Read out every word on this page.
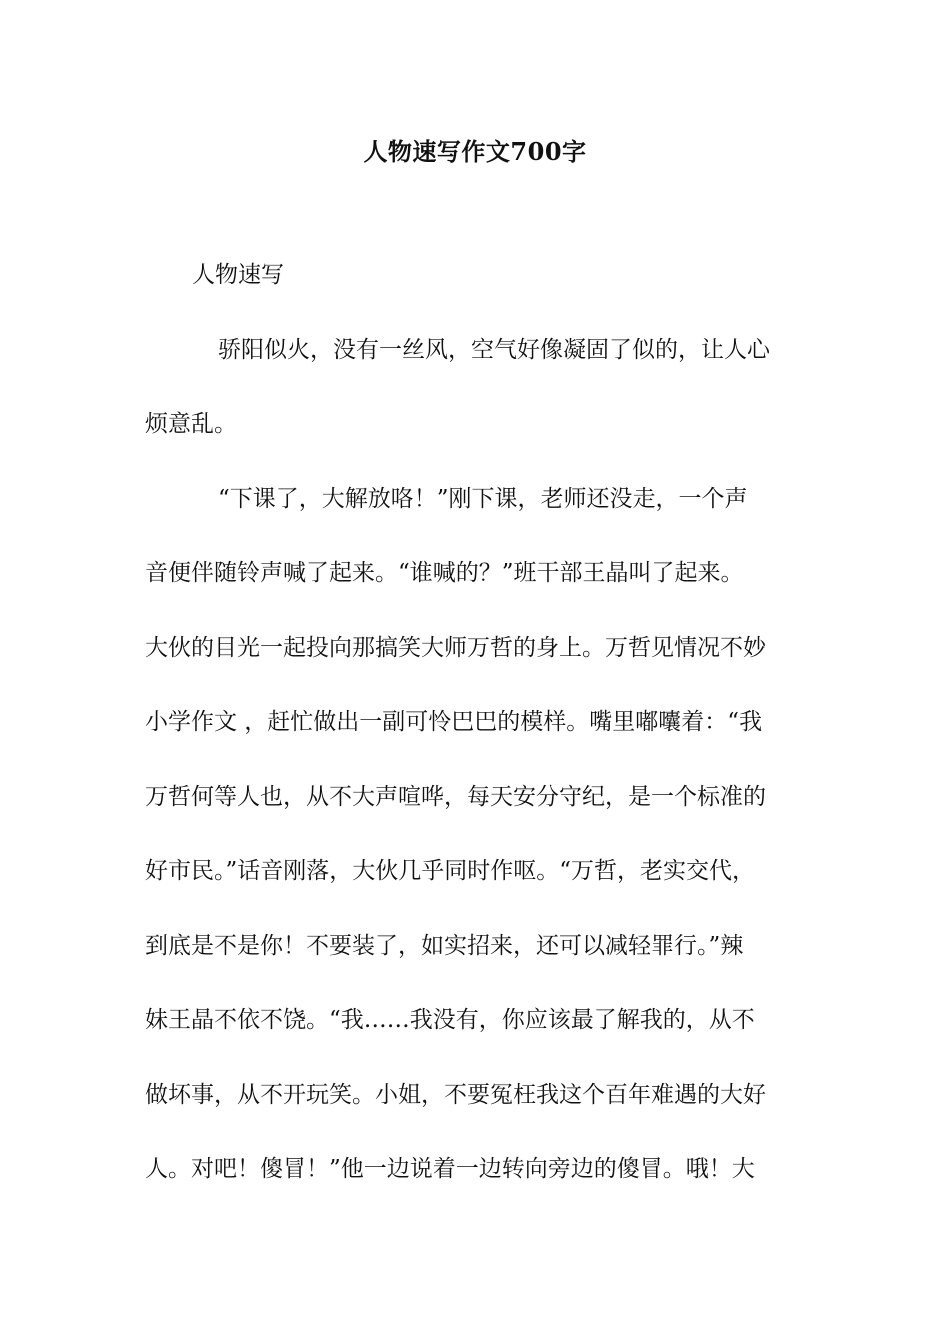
人物速写作文700字
人物速写
骄阳似火，没有一丝风，空气好像凝固了似的，让人心
烦意乱。
“下课了，大解放咯！”刚下课，老师还没走，一个声
音便伴随铃声喊了起来。“谁喊的？”班干部王晶叫了起来。
大伙的目光一起投向那搞笑大师万哲的身上。万哲见情况不妙
小学作文 ，赶忙做出一副可怜巴巴的模样。嘴里嘟囔着：“我
万哲何等人也，从不大声喧哗，每天安分守纪，是一个标准的
好市民。”话音刚落，大伙几乎同时作呕。“万哲，老实交代，
到底是不是你！不要装了，如实招来，还可以减轻罪行。”辣
妹王晶不依不饶。“我……我没有，你应该最了解我的，从不
做坏事，从不开玩笑。小姐，不要冤枉我这个百年难遇的大好
人。对吧！傻冒！”他一边说着一边转向旁边的傻冒。哦！大
